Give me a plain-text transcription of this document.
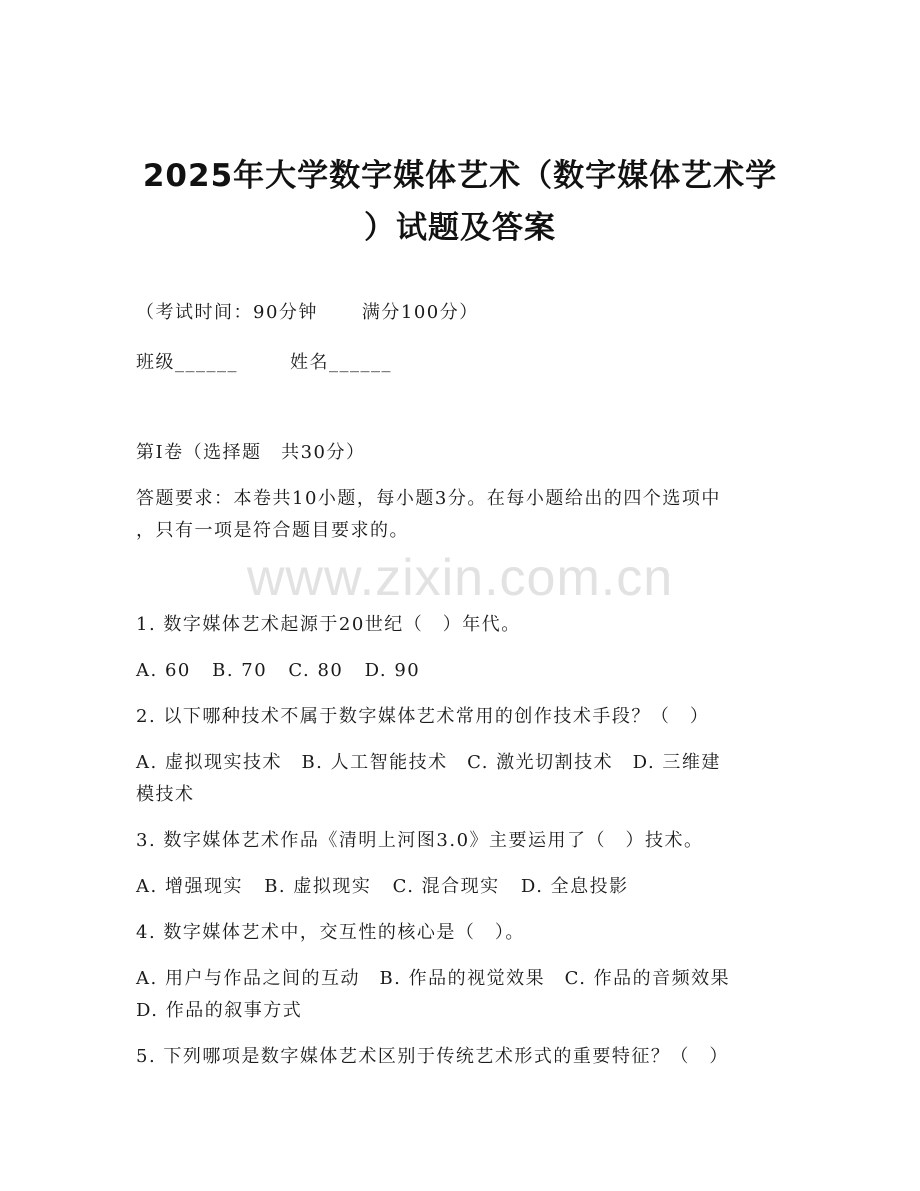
www.zixin.com.cn
2025年大学数字媒体艺术（数字媒体艺术学
）试题及答案
（考试时间：90分钟 满分100分）
班级______	姓名______
第I卷（选择题　共30分）
答题要求：本卷共10小题，每小题3分。在每小题给出的四个选项中
，只有一项是符合题目要求的。
1. 数字媒体艺术起源于20世纪（　）年代。
A. 60 B. 70 C. 80 D. 90
2. 以下哪种技术不属于数字媒体艺术常用的创作技术手段？（　）
A. 虚拟现实技术　B. 人工智能技术　C. 激光切割技术　D. 三维建
模技术
3. 数字媒体艺术作品《清明上河图3.0》主要运用了（　）技术。
A. 增强现实 B. 虚拟现实 C. 混合现实 D. 全息投影
4. 数字媒体艺术中，交互性的核心是（　）。
A. 用户与作品之间的互动　B. 作品的视觉效果　C. 作品的音频效果
D. 作品的叙事方式
5. 下列哪项是数字媒体艺术区别于传统艺术形式的重要特征？（　）
